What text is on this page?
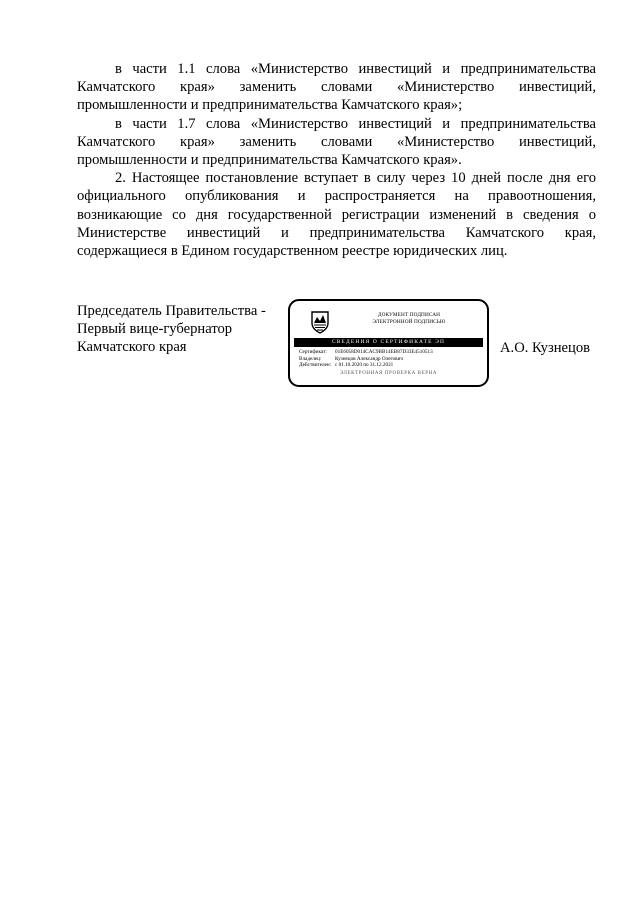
в части 1.1 слова «Министерство инвестиций и предпринимательства Камчатского края» заменить словами «Министерство инвестиций, промышленности и предпринимательства Камчатского края»;

в части 1.7 слова «Министерство инвестиций и предпринимательства Камчатского края» заменить словами «Министерство инвестиций, промышленности и предпринимательства Камчатского края».

2. Настоящее постановление вступает в силу через 10 дней после дня его официального опубликования и распространяется на правоотношения, возникающие со дня государственной регистрации изменений в сведения о Министерстве инвестиций и предпринимательства Камчатского края, содержащиеся в Едином государственном реестре юридических лиц.

Председатель Правительства -
Первый вице-губернатор
Камчатского края
ДОКУМЕНТ ПОДПИСАН
ЭЛЕКТРОННОЙ ПОДПИСЬЮ
СВЕДЕНИЯ О СЕРТИФИКАТЕ ЭП
Сертификат:	01E6058D014CAC9BB14EB87D33E4510513
Владелец:	Кузнецов Александр Олегович
Действителен: с 01.10.2020 по 31.12.2021
ЭЛЕКТРОННАЯ ПРОВЕРКА ВЕРНА
А.О. Кузнецов
